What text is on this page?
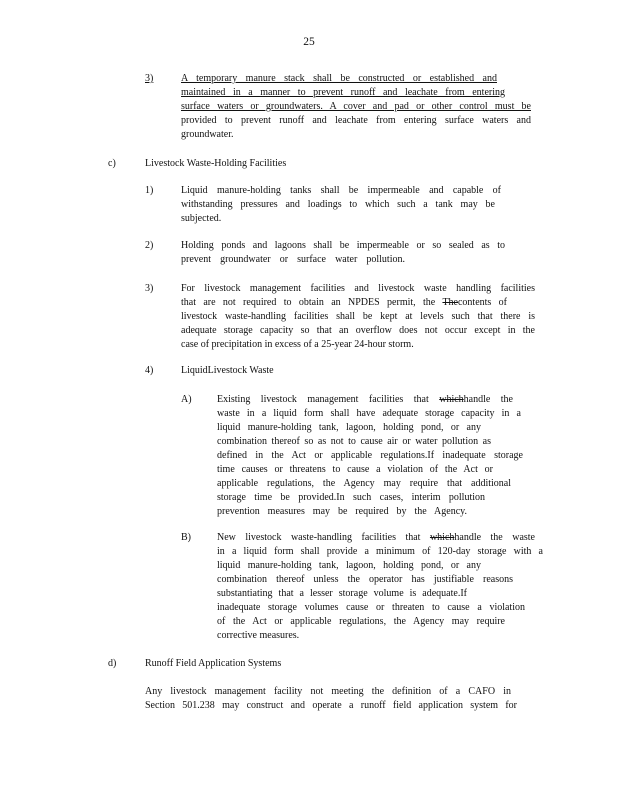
25
3)	A temporary manure stack shall be constructed or established and
maintained in a manner to prevent runoff and leachate from entering
surface waters or groundwaters. A cover and pad or other control must be
provided to prevent runoff and leachate from entering surface waters and
groundwater.
c)	Livestock Waste-Holding Facilities
1)	Liquid manure-holding tanks shall be impermeable and capable of
withstanding pressures and loadings to which such a tank may be
subjected.
2)	Holding ponds and lagoons shall be impermeable or so sealed as to
prevent groundwater or surface water pollution.
3)	For livestock management facilities and livestock waste handling facilities
that are not required to obtain an NPDES permit, the Thecontents of
livestock waste-handling facilities shall be kept at levels such that there is
adequate storage capacity so that an overflow does not occur except in the
case of precipitation in excess of a 25-year 24-hour storm.
4)	LiquidLivestock Waste
A)	Existing livestock management facilities that whichhandle the
waste in a liquid form shall have adequate storage capacity in a
liquid manure-holding tank, lagoon, holding pond, or any
combination thereof so as not to cause air or water pollution as
defined in the Act or applicable regulations.If inadequate storage
time causes or threatens to cause a violation of the Act or
applicable regulations, the Agency may require that additional
storage time be provided.In such cases, interim pollution
prevention measures may be required by the Agency.
B)	New livestock waste-handling facilities that whichhandle the waste
in a liquid form shall provide a minimum of 120-day storage with a
liquid manure-holding tank, lagoon, holding pond, or any
combination thereof unless the operator has justifiable reasons
substantiating that a lesser storage volume is adequate.If
inadequate storage volumes cause or threaten to cause a violation
of the Act or applicable regulations, the Agency may require
corrective measures.
d)	Runoff Field Application Systems
Any livestock management facility not meeting the definition of a CAFO in
Section 501.238 may construct and operate a runoff field application system for
